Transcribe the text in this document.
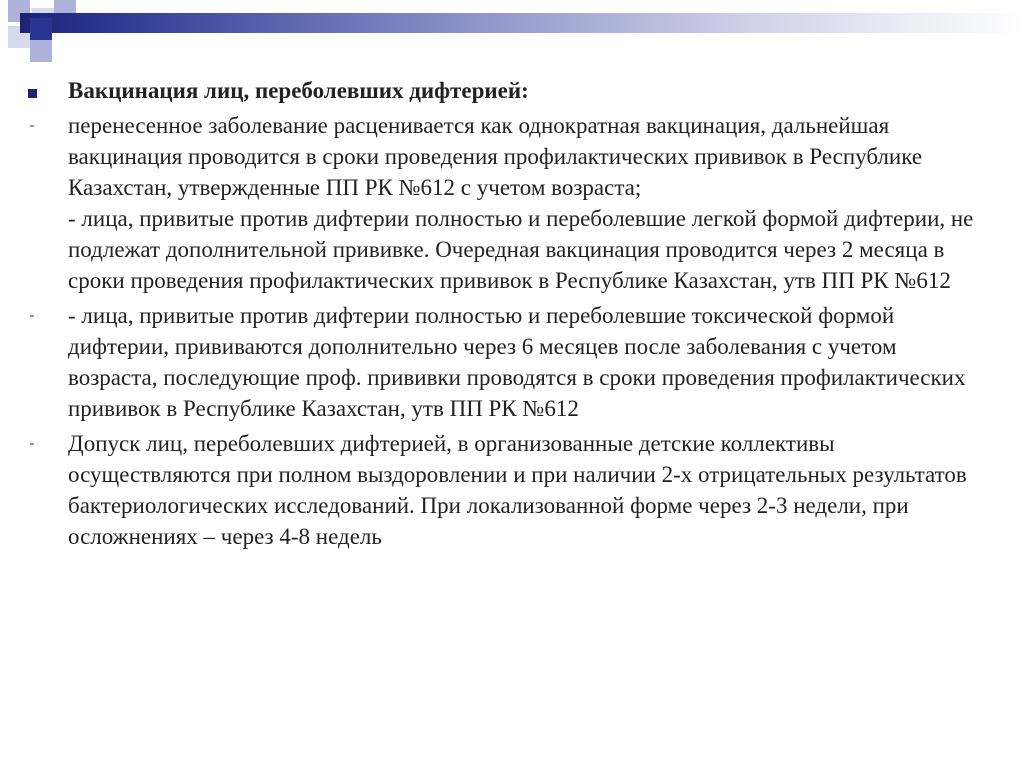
Вакцинация лиц, переболевших дифтерией:
-	перенесенное заболевание расценивается как однократная вакцинация, дальнейшая вакцинация проводится в сроки проведения профилактических прививок в Республике Казахстан, утвержденные ПП РК №612 с учетом возраста;
- лица, привитые против дифтерии полностью и переболевшие легкой формой дифтерии, не подлежат дополнительной прививке. Очередная вакцинация проводится через 2 месяца в сроки проведения профилактических прививок в Республике Казахстан, утв ПП РК №612
-	- лица, привитые против дифтерии полностью и переболевшие токсической формой дифтерии, прививаются дополнительно через 6 месяцев после заболевания с учетом возраста, последующие проф. прививки проводятся в сроки проведения профилактических прививок в Республике Казахстан, утв ПП РК №612
-	Допуск лиц, переболевших дифтерией, в организованные детские коллективы осуществляются при полном выздоровлении и при наличии 2-х отрицательных результатов бактериологических исследований. При локализованной форме через 2-3 недели, при осложнениях – через 4-8 недель
